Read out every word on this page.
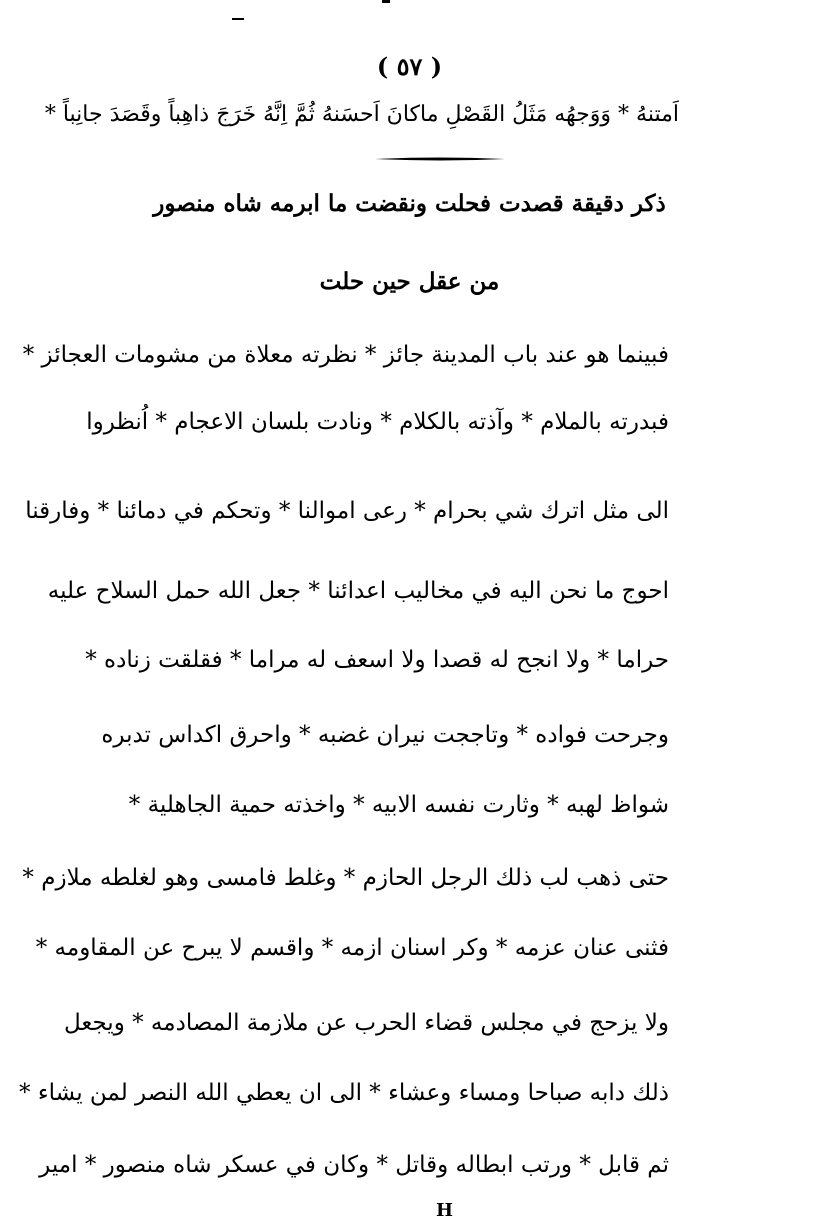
( ٥٧ )
اَمتنهُ * وَوَجهُه مَثَلُ القَصْلِ ماكانَ اَحسَنهُ ثُمَّ اِنَّهُ خَرَجَ ذاهِباً وقَصَدَ جانِباً *
ذكر دقيقة قصدت فحلت ونقضت ما ابرمه شاه منصور
من عقل حين حلت
فبينما هو عند باب المدينة جائز * نظرته معلاة من مشومات العجائز *
فبدرته بالملام * وآذته بالكلام * ونادت بلسان الاعجام * اُنظروا
الى مثل اترك شي بحرام * رعى اموالنا * وتحكم في دمائنا * وفارقنا
احوج ما نحن اليه في مخاليب اعدائنا * جعل الله حمل السلاح عليه
حراما * ولا انجح له قصدا ولا اسعف له مراما * فقلقت زناده *
وجرحت فواده * وتاججت نيران غضبه * واحرق اكداس تدبره
شواظ لهبه * وثارت نفسه الابيه * واخذته حمية الجاهلية *
حتى ذهب لب ذلك الرجل الحازم * وغلط فامسى وهو لغلطه ملازم *
فثنى عنان عزمه * وكر اسنان ازمه * واقسم لا يبرح عن المقاومه *
ولا يزحج في مجلس قضاء الحرب عن ملازمة المصادمه * ويجعل
ذلك دابه صباحا ومساء وعشاء * الى ان يعطي الله النصر لمن يشاء *
ثم قابل * ورتب ابطاله وقاتل * وكان في عسكر شاه منصور * امير
H
